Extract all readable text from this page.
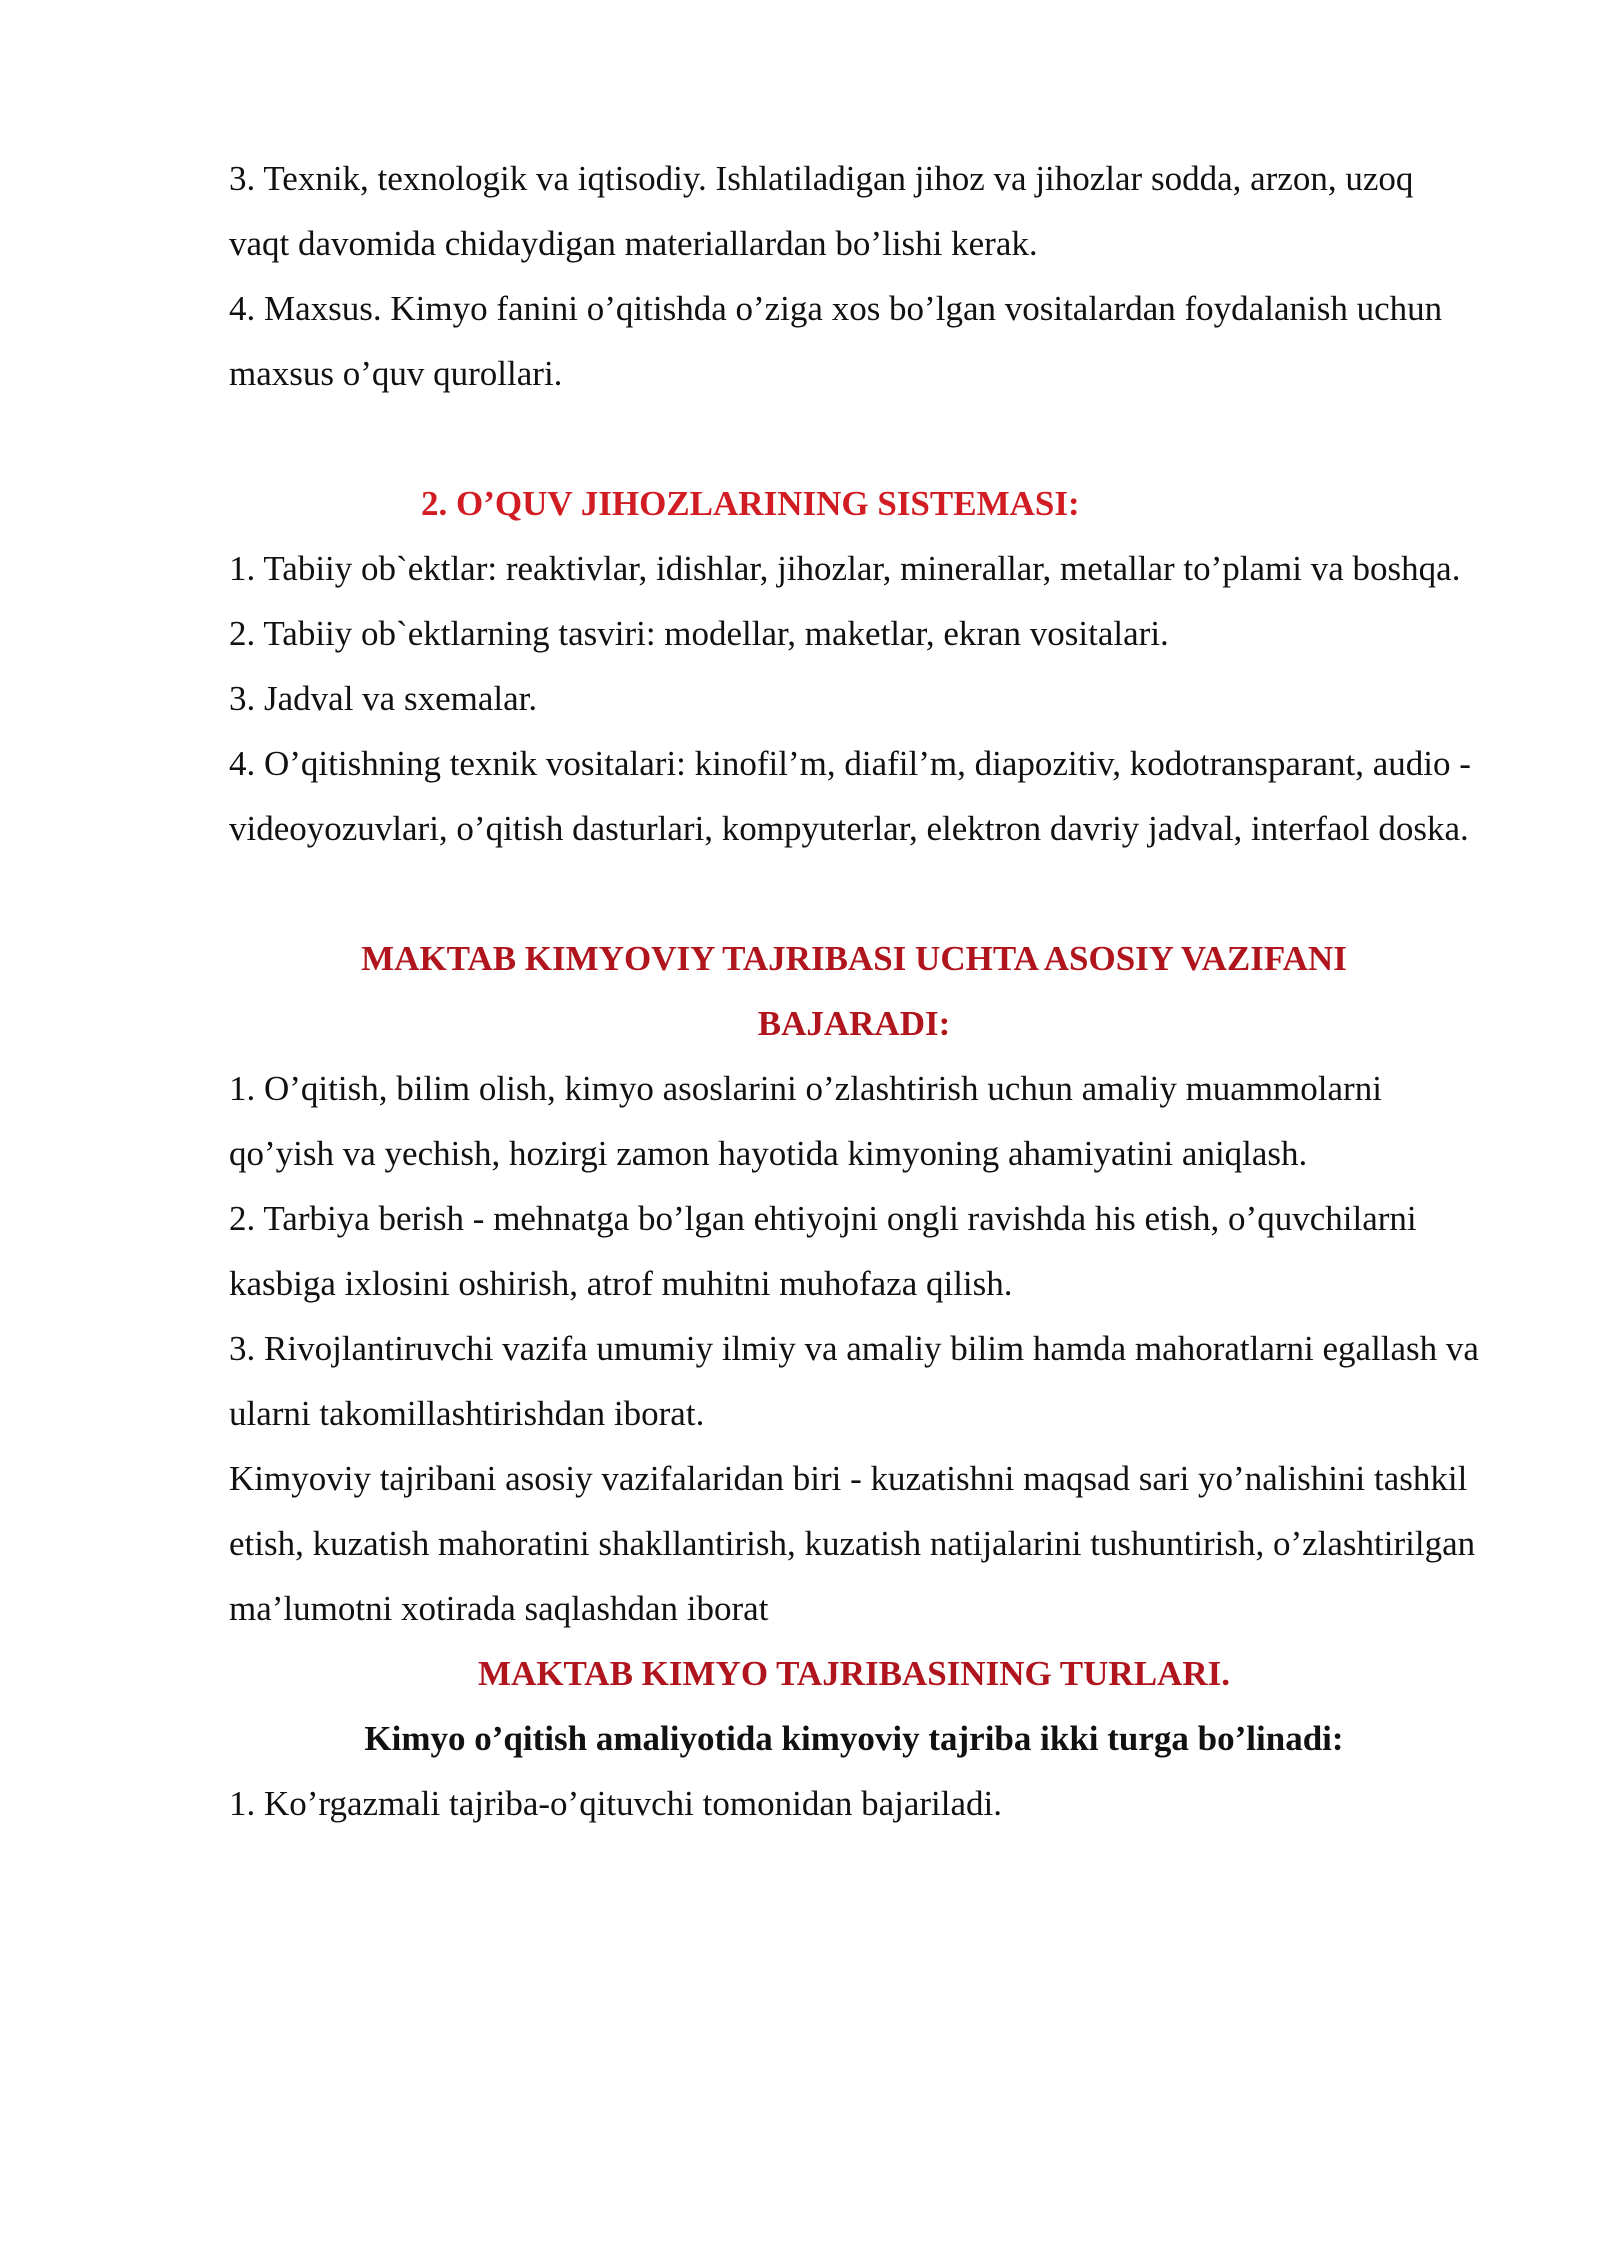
3. Texnik, texnologik va iqtisodiy. Ishlatiladigan jihoz va jihozlar sodda, arzon, uzoq vaqt davomida chidaydigan materiallardan bo’lishi kerak.

4. Maxsus. Kimyo fanini o’qitishda o’ziga xos bo’lgan vositalardan foydalanish uchun maxsus o’quv qurollari.

2. O’QUV JIHOZLARINING SISTEMASI:

1. Tabiiy ob`ektlar: reaktivlar, idishlar, jihozlar, minerallar, metallar to’plami va boshqa.

2. Tabiiy ob`ektlarning tasviri: modellar, maketlar, ekran vositalari.

3. Jadval va sxemalar.

4. O’qitishning texnik vositalari: kinofil’m, diafil’m, diapozitiv, kodotransparant, audio - videoyozuvlari, o’qitish dasturlari, kompyuterlar, elektron davriy jadval, interfaol doska.

MAKTAB KIMYOVIY TAJRIBASI UCHTA ASOSIY VAZIFANI

BAJARADI:

1. O’qitish, bilim olish, kimyo asoslarini o’zlashtirish uchun amaliy muammolarni qo’yish va yechish, hozirgi zamon hayotida kimyoning ahamiyatini aniqlash.

2. Tarbiya berish - mehnatga bo’lgan ehtiyojni ongli ravishda his etish, o’quvchilarni kasbiga ixlosini oshirish, atrof muhitni muhofaza qilish.

3. Rivojlantiruvchi vazifa umumiy ilmiy va amaliy bilim hamda mahoratlarni egallash va ularni takomillashtirishdan iborat.

Kimyoviy tajribani asosiy vazifalaridan biri - kuzatishni maqsad sari yo’nalishini tashkil etish, kuzatish mahoratini shakllantirish, kuzatish natijalarini tushuntirish, o’zlashtirilgan ma’lumotni xotirada saqlashdan iborat

MAKTAB KIMYO TAJRIBASINING TURLARI.

Kimyo o’qitish amaliyotida kimyoviy tajriba ikki turga bo’linadi:

1. Ko’rgazmali tajriba-o’qituvchi tomonidan bajariladi.
